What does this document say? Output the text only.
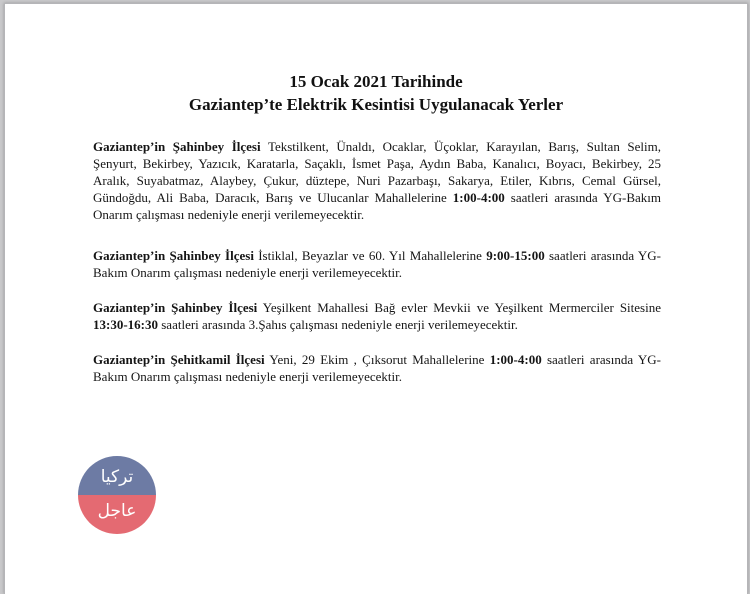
15 Ocak 2021 Tarihinde
Gaziantep’te Elektrik Kesintisi Uygulanacak Yerler
Gaziantep’in Şahinbey İlçesi Tekstilkent, Ünaldı, Ocaklar, Üçoklar, Karayılan, Barış, Sultan Selim, Şenyurt, Bekirbey, Yazıcık, Karatarla, Saçaklı, İsmet Paşa, Aydın Baba, Kanalıcı, Boyacı, Bekirbey, 25 Aralık, Suyabatmaz, Alaybey, Çukur, düztepe, Nuri Pazarbaşı, Sakarya, Etiler, Kıbrıs, Cemal Gürsel, Gündoğdu, Ali Baba, Daracık, Barış ve Ulucanlar Mahallelerine 1:00-4:00 saatleri arasında YG-Bakım Onarım çalışması nedeniyle enerji verilemeyecektir.
Gaziantep’in Şahinbey İlçesi İstiklal, Beyazlar ve 60. Yıl Mahallelerine 9:00-15:00 saatleri arasında YG-Bakım Onarım çalışması nedeniyle enerji verilemeyecektir.
Gaziantep’in Şahinbey İlçesi Yeşilkent Mahallesi Bağ evler Mevkii ve Yeşilkent Mermerciler Sitesine 13:30-16:30 saatleri arasında 3.Şahıs çalışması nedeniyle enerji verilemeyecektir.
Gaziantep’in Şehitkamil İlçesi Yeni, 29 Ekim , Çıksorut Mahallelerine 1:00-4:00 saatleri arasında YG-Bakım Onarım çalışması nedeniyle enerji verilemeyecektir.
تركيا
عاجل
